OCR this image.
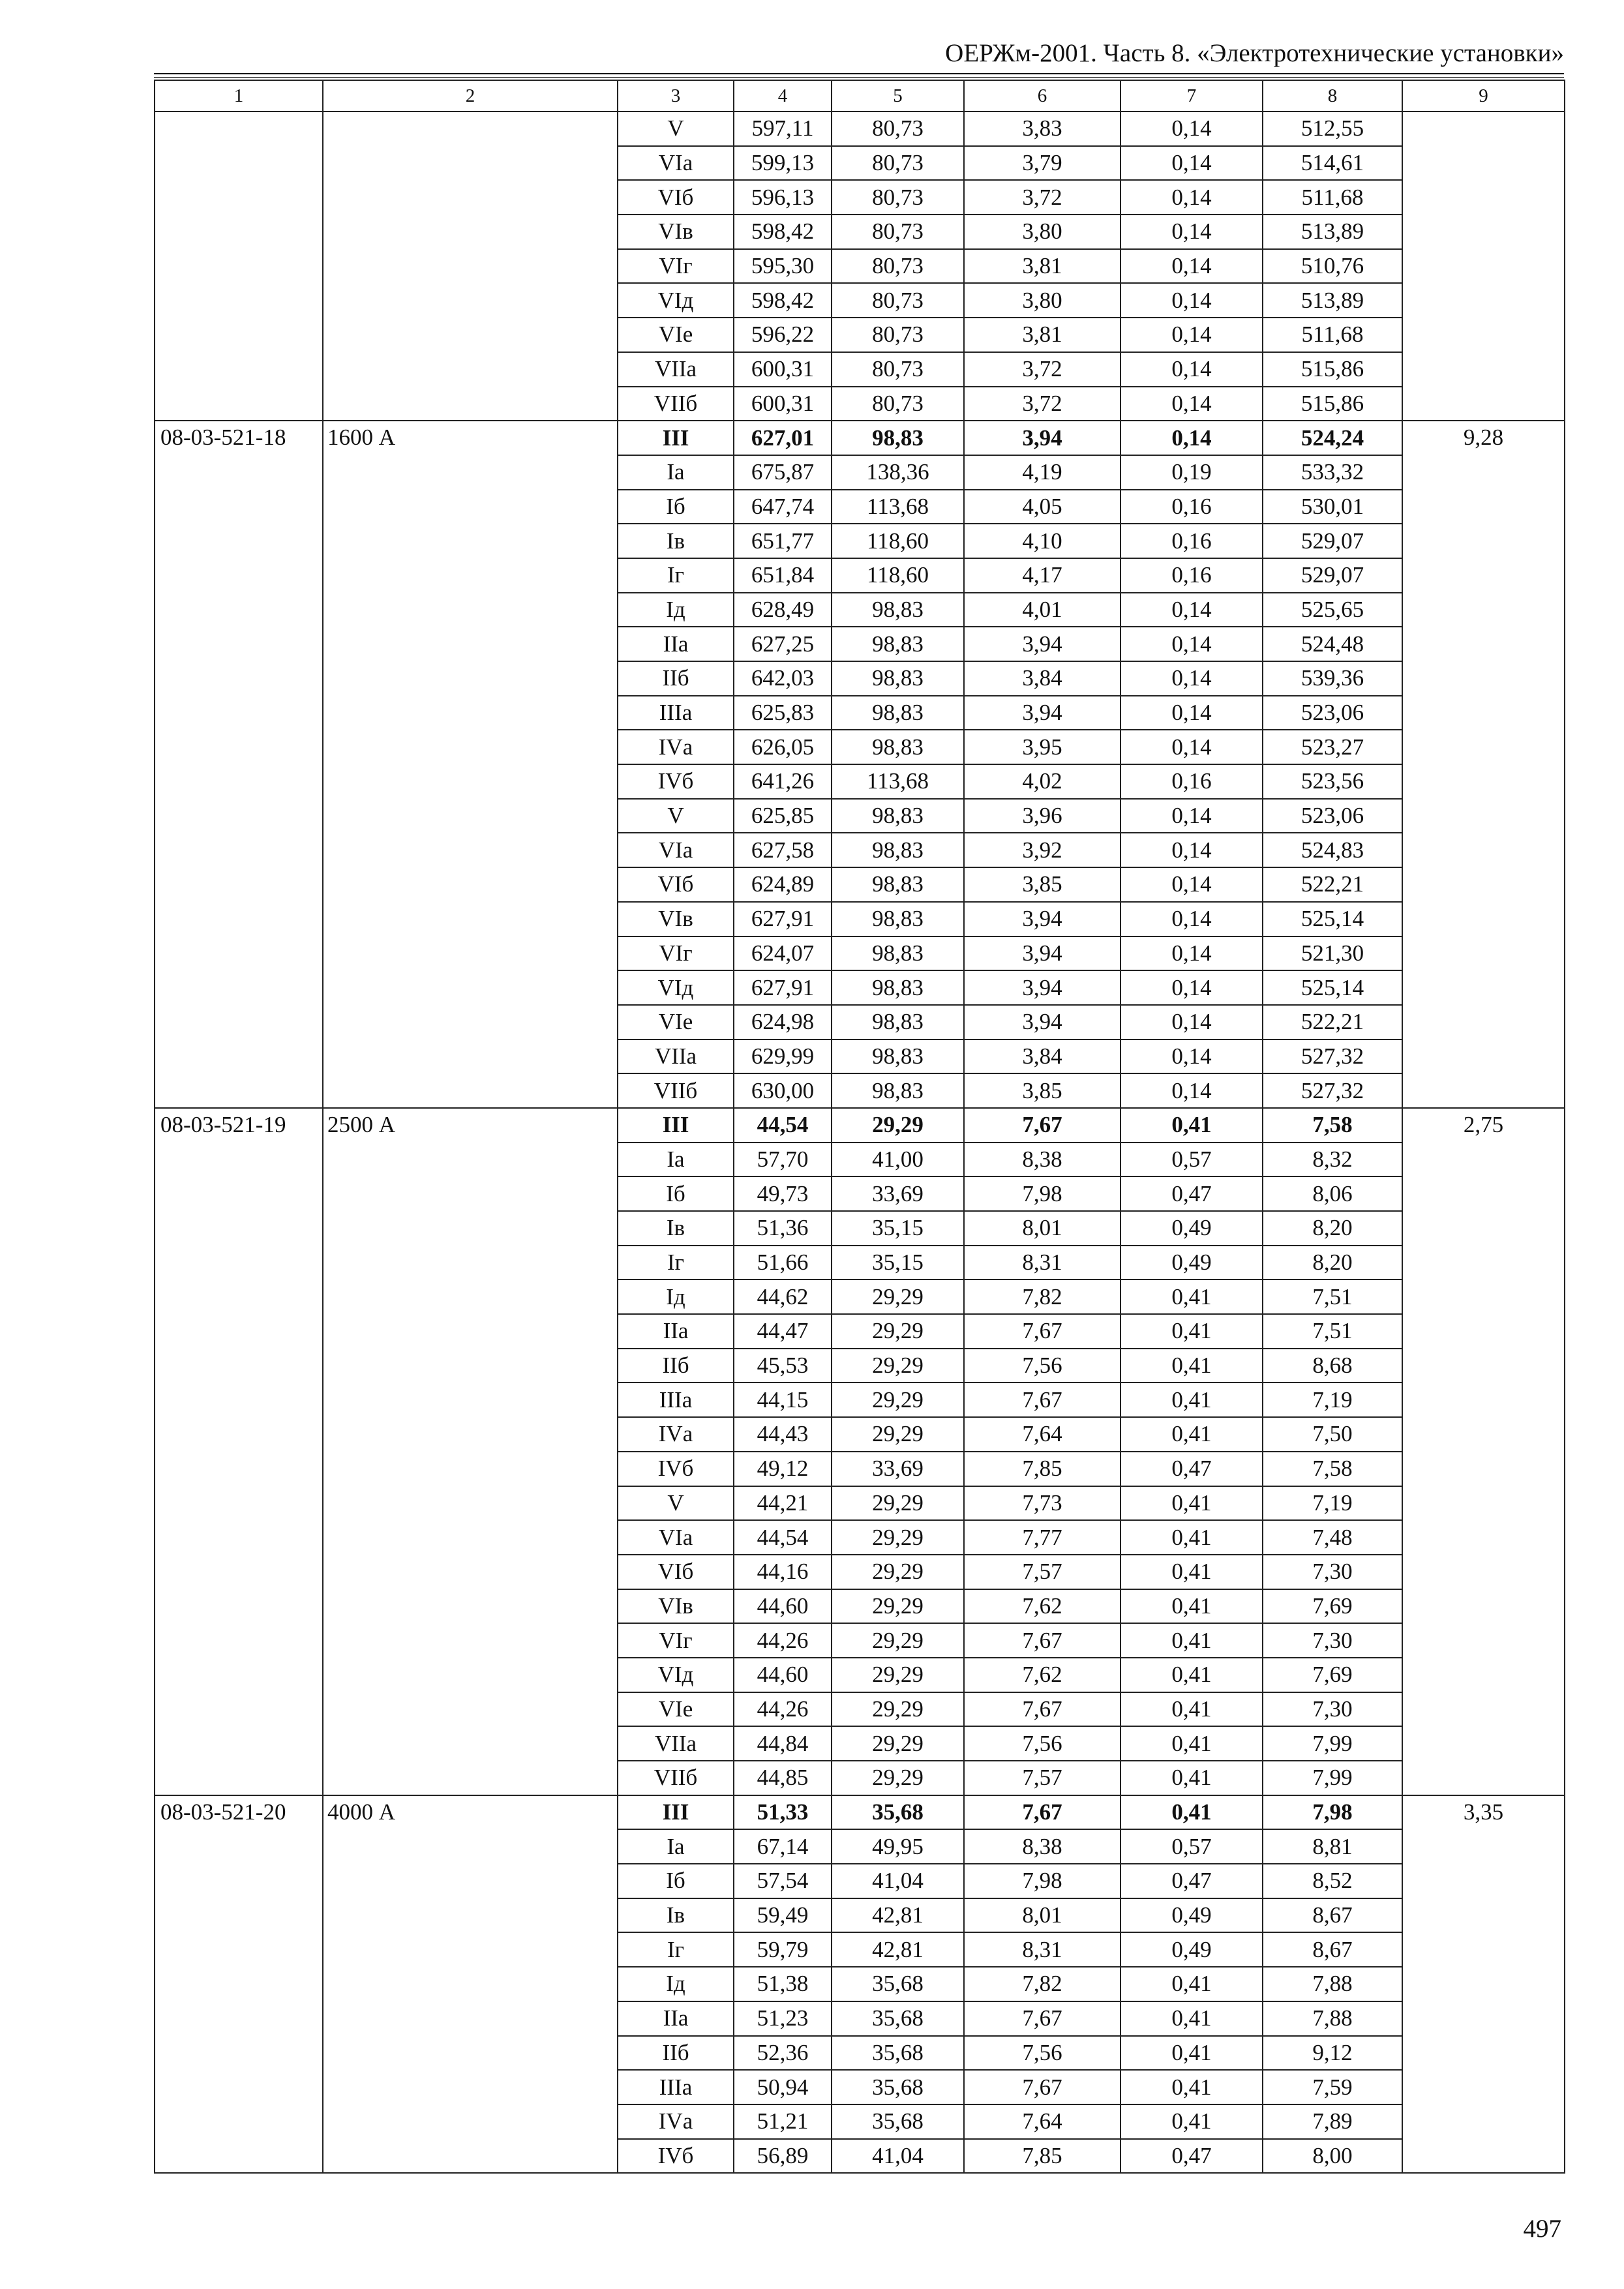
ОЕРЖм-2001. Часть 8. «Электротехнические установки»
1	2	3	4	5	6	7	8	9
		V	597,11	80,73	3,83	0,14	512,55	
		VIа	599,13	80,73	3,79	0,14	514,61	
		VIб	596,13	80,73	3,72	0,14	511,68	
		VIв	598,42	80,73	3,80	0,14	513,89	
		VIг	595,30	80,73	3,81	0,14	510,76	
		VIд	598,42	80,73	3,80	0,14	513,89	
		VIе	596,22	80,73	3,81	0,14	511,68	
		VIIа	600,31	80,73	3,72	0,14	515,86	
		VIIб	600,31	80,73	3,72	0,14	515,86	
08-03-521-18	1600 А	III	627,01	98,83	3,94	0,14	524,24	9,28
		Iа	675,87	138,36	4,19	0,19	533,32	
		Iб	647,74	113,68	4,05	0,16	530,01	
		Iв	651,77	118,60	4,10	0,16	529,07	
		Iг	651,84	118,60	4,17	0,16	529,07	
		Iд	628,49	98,83	4,01	0,14	525,65	
		IIа	627,25	98,83	3,94	0,14	524,48	
		IIб	642,03	98,83	3,84	0,14	539,36	
		IIIа	625,83	98,83	3,94	0,14	523,06	
		IVа	626,05	98,83	3,95	0,14	523,27	
		IVб	641,26	113,68	4,02	0,16	523,56	
		V	625,85	98,83	3,96	0,14	523,06	
		VIа	627,58	98,83	3,92	0,14	524,83	
		VIб	624,89	98,83	3,85	0,14	522,21	
		VIв	627,91	98,83	3,94	0,14	525,14	
		VIг	624,07	98,83	3,94	0,14	521,30	
		VIд	627,91	98,83	3,94	0,14	525,14	
		VIе	624,98	98,83	3,94	0,14	522,21	
		VIIа	629,99	98,83	3,84	0,14	527,32	
		VIIб	630,00	98,83	3,85	0,14	527,32	
08-03-521-19	2500 А	III	44,54	29,29	7,67	0,41	7,58	2,75
		Iа	57,70	41,00	8,38	0,57	8,32	
		Iб	49,73	33,69	7,98	0,47	8,06	
		Iв	51,36	35,15	8,01	0,49	8,20	
		Iг	51,66	35,15	8,31	0,49	8,20	
		Iд	44,62	29,29	7,82	0,41	7,51	
		IIа	44,47	29,29	7,67	0,41	7,51	
		IIб	45,53	29,29	7,56	0,41	8,68	
		IIIа	44,15	29,29	7,67	0,41	7,19	
		IVа	44,43	29,29	7,64	0,41	7,50	
		IVб	49,12	33,69	7,85	0,47	7,58	
		V	44,21	29,29	7,73	0,41	7,19	
		VIа	44,54	29,29	7,77	0,41	7,48	
		VIб	44,16	29,29	7,57	0,41	7,30	
		VIв	44,60	29,29	7,62	0,41	7,69	
		VIг	44,26	29,29	7,67	0,41	7,30	
		VIд	44,60	29,29	7,62	0,41	7,69	
		VIе	44,26	29,29	7,67	0,41	7,30	
		VIIа	44,84	29,29	7,56	0,41	7,99	
		VIIб	44,85	29,29	7,57	0,41	7,99	
08-03-521-20	4000 А	III	51,33	35,68	7,67	0,41	7,98	3,35
		Iа	67,14	49,95	8,38	0,57	8,81	
		Iб	57,54	41,04	7,98	0,47	8,52	
		Iв	59,49	42,81	8,01	0,49	8,67	
		Iг	59,79	42,81	8,31	0,49	8,67	
		Iд	51,38	35,68	7,82	0,41	7,88	
		IIа	51,23	35,68	7,67	0,41	7,88	
		IIб	52,36	35,68	7,56	0,41	9,12	
		IIIа	50,94	35,68	7,67	0,41	7,59	
		IVа	51,21	35,68	7,64	0,41	7,89	
		IVб	56,89	41,04	7,85	0,47	8,00	
497
